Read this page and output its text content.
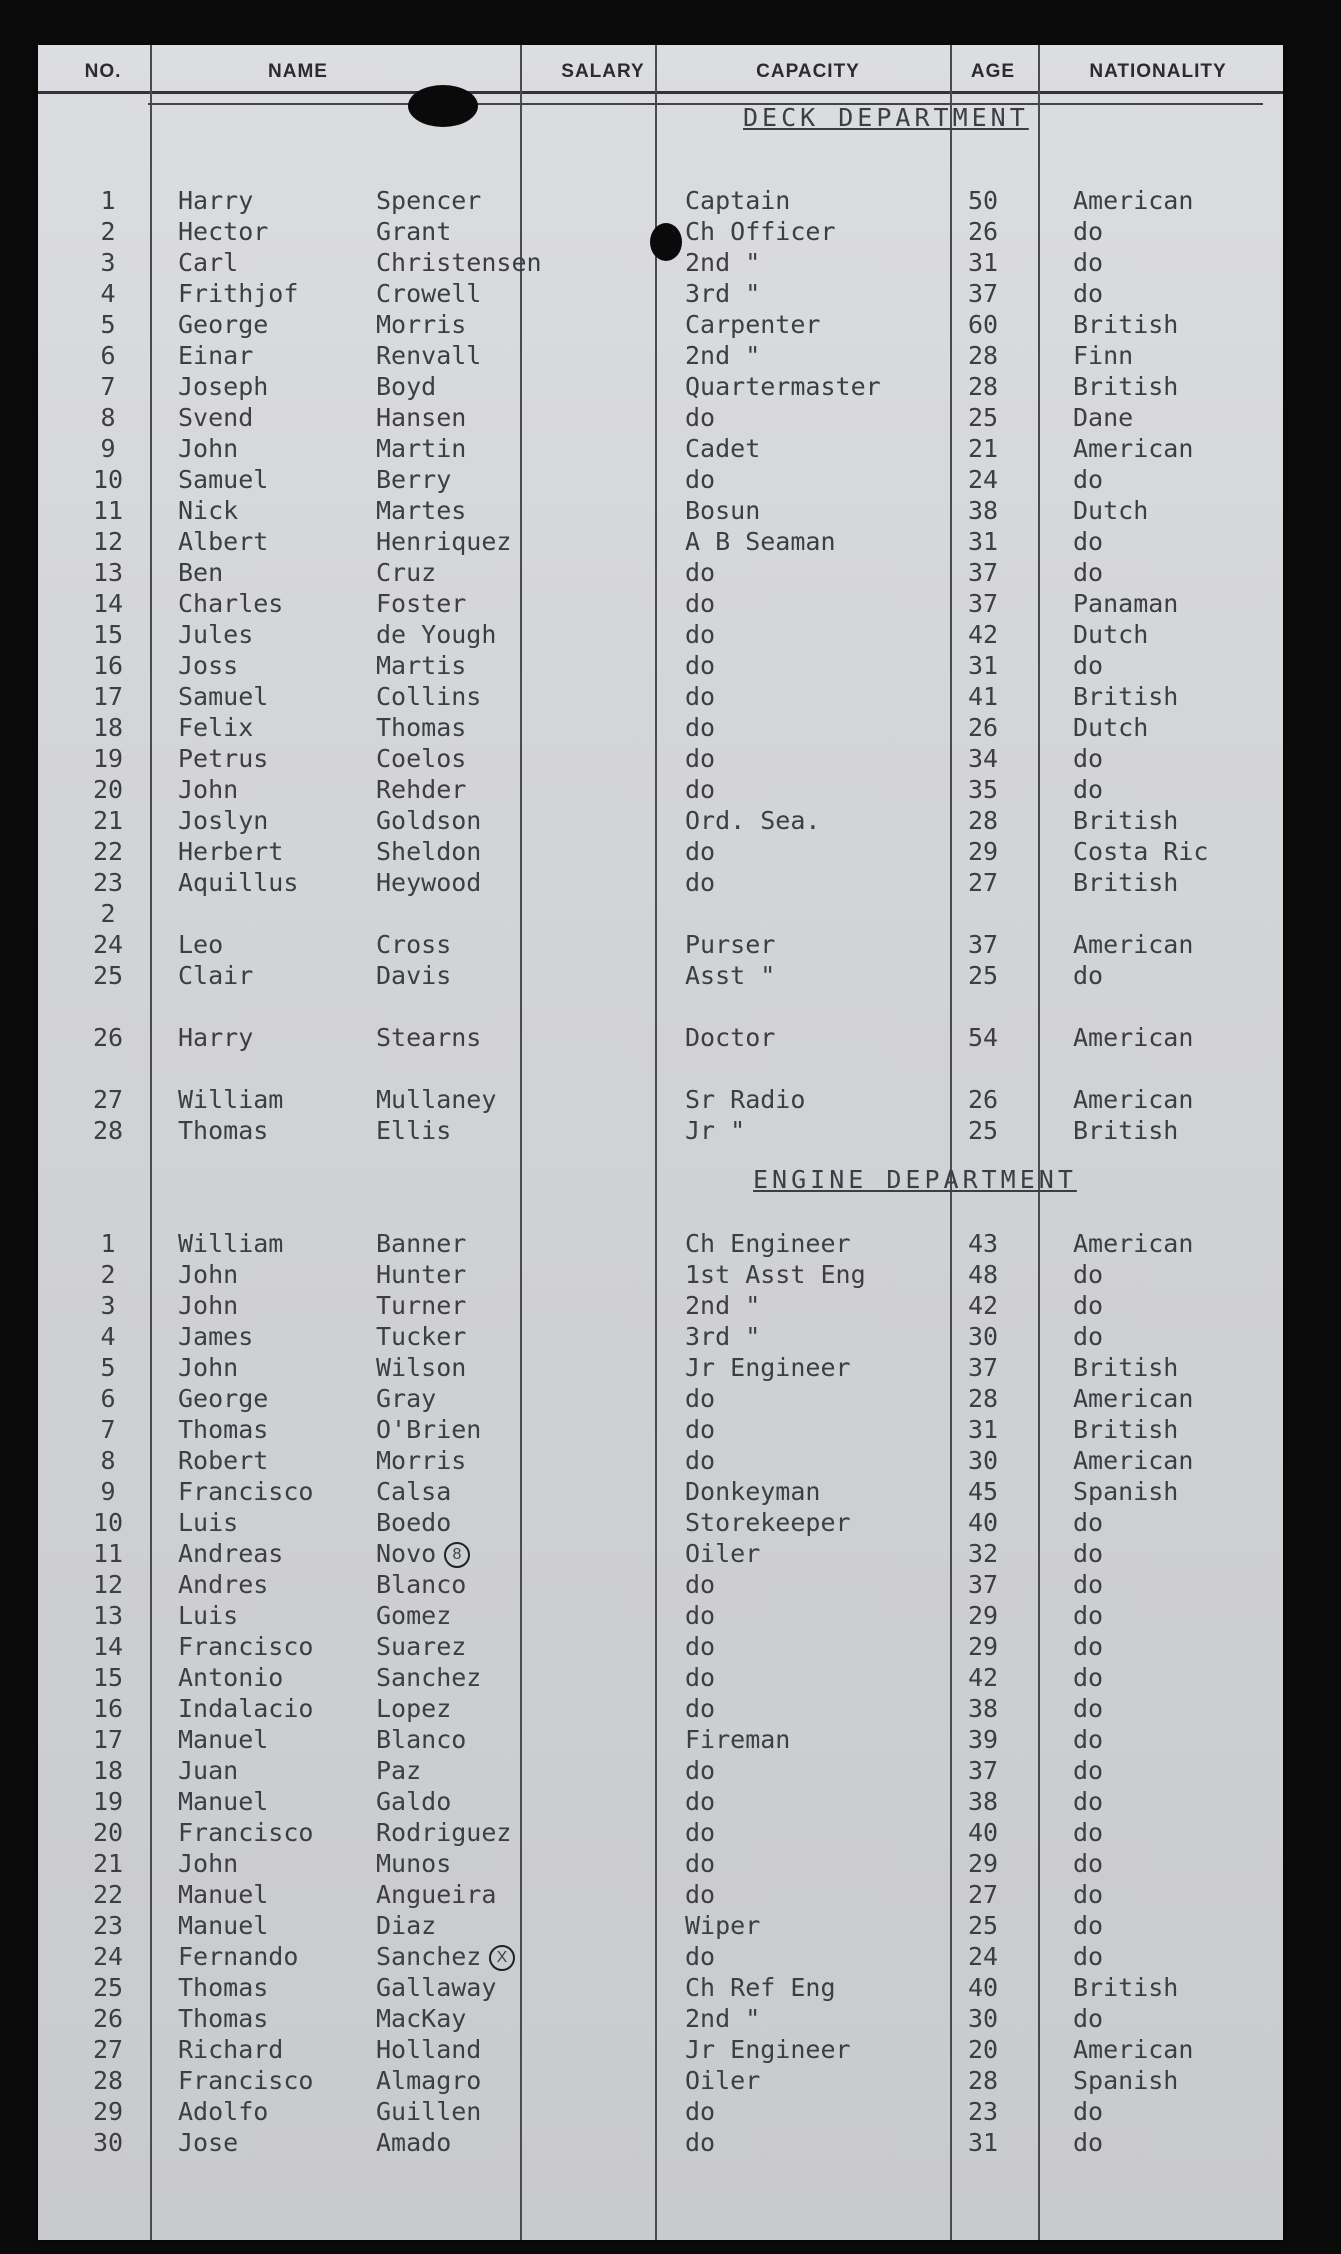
NO.	NAME	SALARY	CAPACITY	AGE	NATIONALITY
DECK DEPARTMENT
1	Harry	Spencer	Captain	50	American
2	Hector	Grant	Ch Officer	26	do
3	Carl	Christensen	2nd "	31	do
4	Frithjof	Crowell	3rd "	37	do
5	George	Morris	Carpenter	60	British
6	Einar	Renvall	2nd "	28	Finn
7	Joseph	Boyd	Quartermaster	28	British
8	Svend	Hansen	do	25	Dane
9	John	Martin	Cadet	21	American
10	Samuel	Berry	do	24	do
11	Nick	Martes	Bosun	38	Dutch
12	Albert	Henriquez	A B Seaman	31	do
13	Ben	Cruz	do	37	do
14	Charles	Foster	do	37	Panaman
15	Jules	de Yough	do	42	Dutch
16	Joss	Martis	do	31	do
17	Samuel	Collins	do	41	British
18	Felix	Thomas	do	26	Dutch
19	Petrus	Coelos	do	34	do
20	John	Rehder	do	35	do
21	Joslyn	Goldson	Ord. Sea.	28	British
22	Herbert	Sheldon	do	29	Costa Ric
23	Aquillus	Heywood	do	27	British
2
24	Leo	Cross	Purser	37	American
25	Clair	Davis	Asst "	25	do
26	Harry	Stearns	Doctor	54	American
27	William	Mullaney	Sr Radio	26	American
28	Thomas	Ellis	Jr "	25	British
ENGINE DEPARTMENT
1	William	Banner	Ch Engineer	43	American
2	John	Hunter	1st Asst Eng	48	do
3	John	Turner	2nd "	42	do
4	James	Tucker	3rd "	30	do
5	John	Wilson	Jr Engineer	37	British
6	George	Gray	do	28	American
7	Thomas	O'Brien	do	31	British
8	Robert	Morris	do	30	American
9	Francisco	Calsa	Donkeyman	45	Spanish
10	Luis	Boedo	Storekeeper	40	do
11	Andreas	Novo	8	Oiler	32	do
12	Andres	Blanco	do	37	do
13	Luis	Gomez	do	29	do
14	Francisco	Suarez	do	29	do
15	Antonio	Sanchez	do	42	do
16	Indalacio	Lopez	do	38	do
17	Manuel	Blanco	Fireman	39	do
18	Juan	Paz	do	37	do
19	Manuel	Galdo	do	38	do
20	Francisco	Rodriguez	do	40	do
21	John	Munos	do	29	do
22	Manuel	Angueira	do	27	do
23	Manuel	Diaz	Wiper	25	do
24	Fernando	Sanchez X	do	24	do
25	Thomas	Gallaway	Ch Ref Eng	40	British
26	Thomas	MacKay	2nd "	30	do
27	Richard	Holland	Jr Engineer	20	American
28	Francisco	Almagro	Oiler	28	Spanish
29	Adolfo	Guillen	do	23	do
30	Jose	Amado	do	31	do
